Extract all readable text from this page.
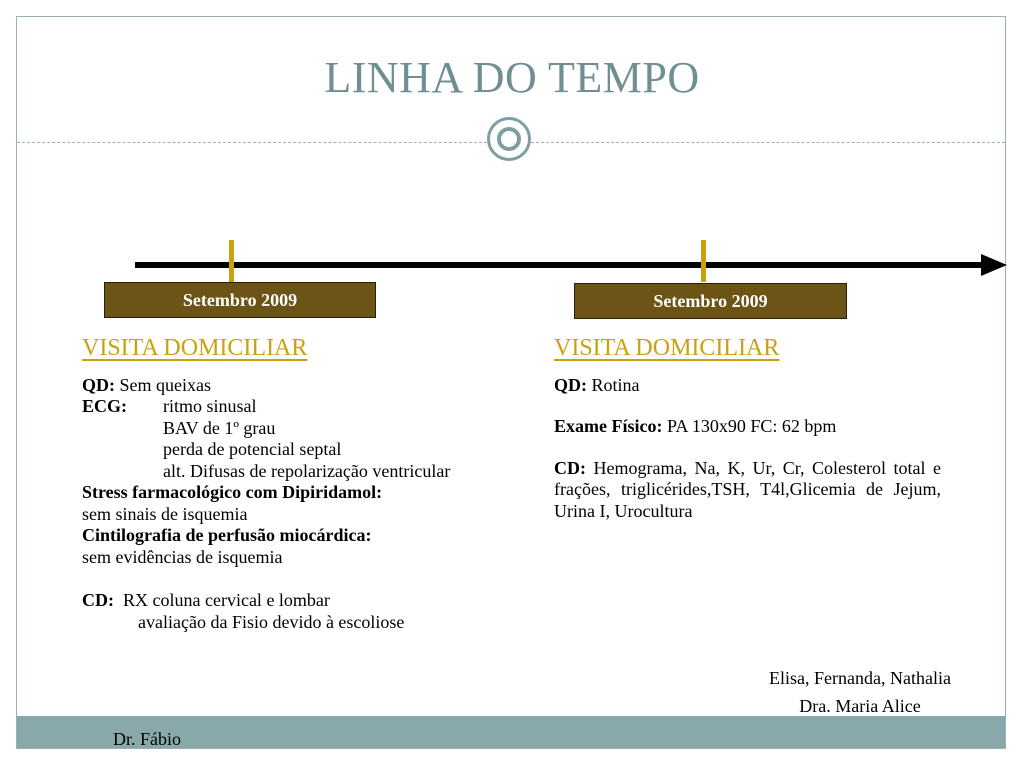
LINHA DO TEMPO
Setembro 2009	Setembro 2009
VISITA DOMICILIAR
QD: Sem queixas
ECG: ritmo sinusal
BAV de 1º grau
perda de potencial septal
alt. Difusas de repolarização ventricular
Stress farmacológico com Dipiridamol:
sem sinais de isquemia
Cintilografia de perfusão miocárdica:
sem evidências de isquemia
CD: RX coluna cervical e lombar
avaliação da Fisio devido à escoliose
VISITA DOMICILIAR
QD: Rotina
Exame Físico: PA 130x90 FC: 62 bpm
CD: Hemograma, Na, K, Ur, Cr, Colesterol total e frações, triglicérides,TSH, T4l,Glicemia de Jejum, Urina I, Urocultura
Elisa, Fernanda, Nathalia
Dra. Maria Alice
Dr. Fábio
